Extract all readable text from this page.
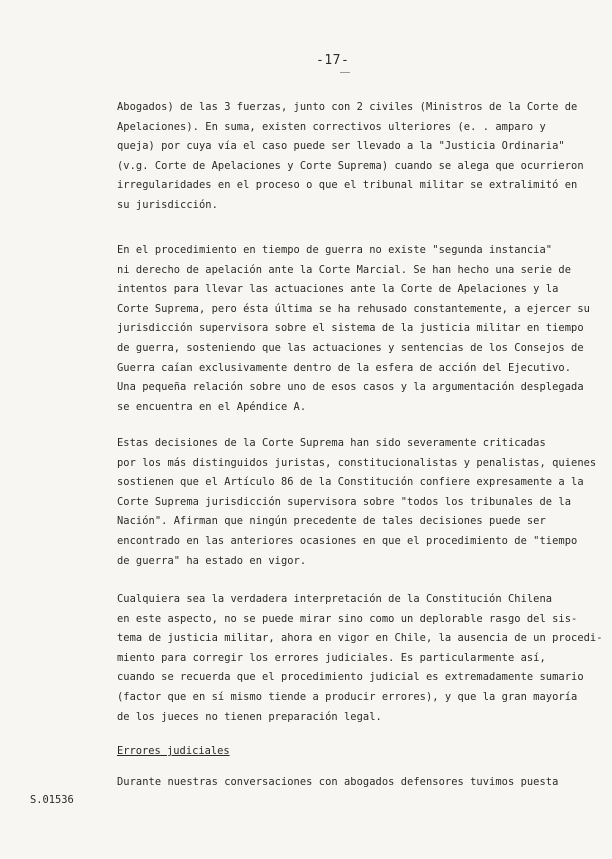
-17-
Abogados) de las 3 fuerzas, junto con 2 civiles (Ministros de la Corte de
Apelaciones). En suma, existen correctivos ulteriores (e. . amparo y
queja) por cuya vía el caso puede ser llevado a la "Justicia Ordinaria"
(v.g. Corte de Apelaciones y Corte Suprema) cuando se alega que ocurrieron
irregularidades en el proceso o que el tribunal militar se extralimitó en
su jurisdicción.
En el procedimiento en tiempo de guerra no existe "segunda instancia"
ni derecho de apelación ante la Corte Marcial. Se han hecho una serie de
intentos para llevar las actuaciones ante la Corte de Apelaciones y la
Corte Suprema, pero ésta última se ha rehusado constantemente, a ejercer su
jurisdicción supervisora sobre el sistema de la justicia militar en tiempo
de guerra, sosteniendo que las actuaciones y sentencias de los Consejos de
Guerra caían exclusivamente dentro de la esfera de acción del Ejecutivo.
Una pequeña relación sobre uno de esos casos y la argumentación desplegada
se encuentra en el Apéndice A.
Estas decisiones de la Corte Suprema han sido severamente criticadas
por los más distinguidos juristas, constitucionalistas y penalistas, quienes
sostienen que el Artículo 86 de la Constitución confiere expresamente a la
Corte Suprema jurisdicción supervisora sobre "todos los tribunales de la
Nación". Afirman que ningún precedente de tales decisiones puede ser
encontrado en las anteriores ocasiones en que el procedimiento de "tiempo
de guerra" ha estado en vigor.
Cualquiera sea la verdadera interpretación de la Constitución Chilena
en este aspecto, no se puede mirar sino como un deplorable rasgo del sis-
tema de justicia militar, ahora en vigor en Chile, la ausencia de un procedi-
miento para corregir los errores judiciales. Es particularmente así,
cuando se recuerda que el procedimiento judicial es extremadamente sumario
(factor que en sí mismo tiende a producir errores), y que la gran mayoría
de los jueces no tienen preparación legal.
Errores judiciales
Durante nuestras conversaciones con abogados defensores tuvimos puesta
S.01536
